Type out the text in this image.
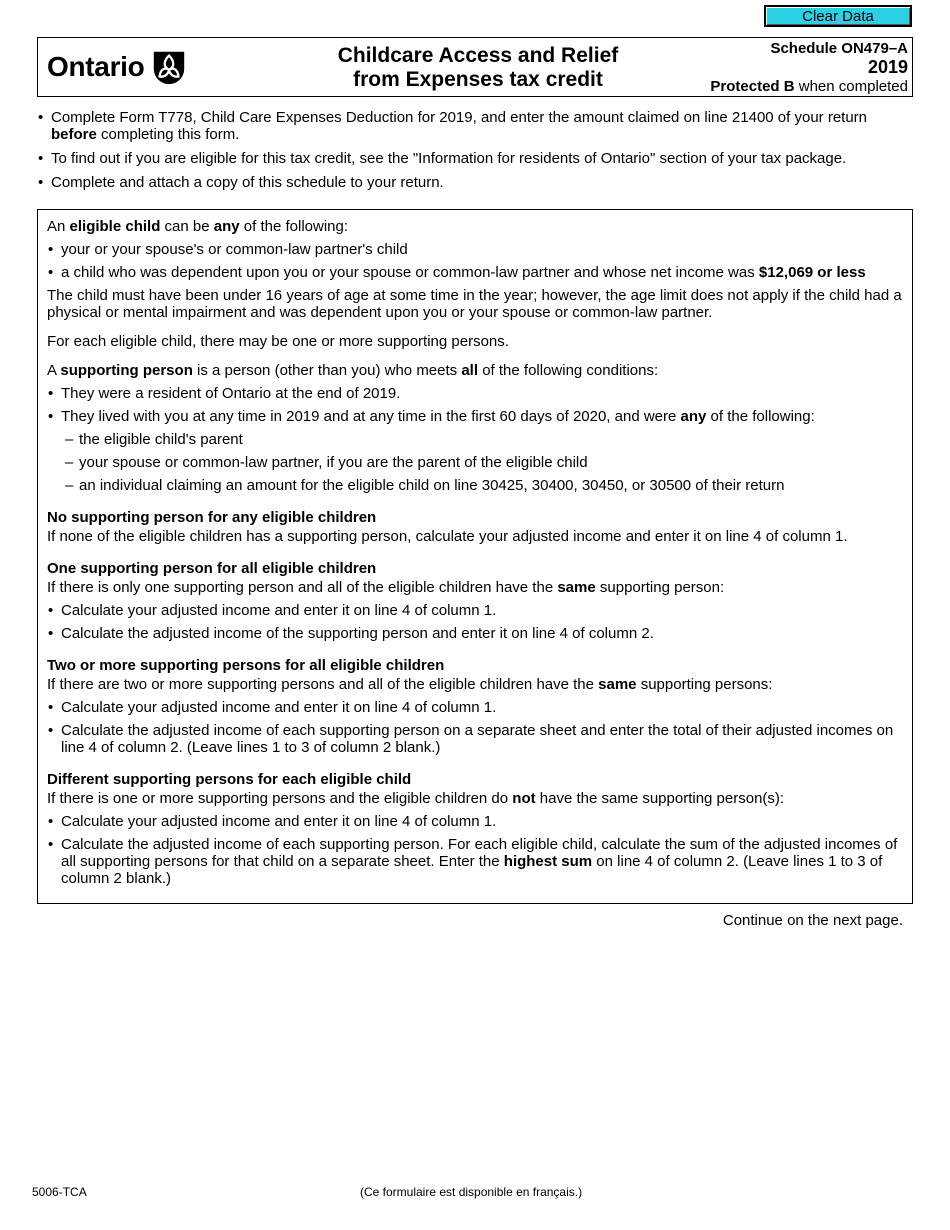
Clear Data
Ontario	Childcare Access and Relief
from Expenses tax credit
Schedule ON479–A
2019
Protected B when completed
• Complete Form T778, Child Care Expenses Deduction for 2019, and enter the amount claimed on line 21400 of your return before completing this form.
• To find out if you are eligible for this tax credit, see the "Information for residents of Ontario" section of your tax package.
• Complete and attach a copy of this schedule to your return.

An eligible child can be any of the following:

• your or your spouse's or common-law partner's child
• a child who was dependent upon you or your spouse or common-law partner and whose net income was $12,069 or less

The child must have been under 16 years of age at some time in the year; however, the age limit does not apply if the child had a physical or mental impairment and was dependent upon you or your spouse or common-law partner.

For each eligible child, there may be one or more supporting persons.

A supporting person is a person (other than you) who meets all of the following conditions:

• They were a resident of Ontario at the end of 2019.
• They lived with you at any time in 2019 and at any time in the first 60 days of 2020, and were any of the following:
– the eligible child's parent
– your spouse or common-law partner, if you are the parent of the eligible child
– an individual claiming an amount for the eligible child on line 30425, 30400, 30450, or 30500 of their return

No supporting person for any eligible children

If none of the eligible children has a supporting person, calculate your adjusted income and enter it on line 4 of column 1.

One supporting person for all eligible children

If there is only one supporting person and all of the eligible children have the same supporting person:

• Calculate your adjusted income and enter it on line 4 of column 1.
• Calculate the adjusted income of the supporting person and enter it on line 4 of column 2.

Two or more supporting persons for all eligible children

If there are two or more supporting persons and all of the eligible children have the same supporting persons:

• Calculate your adjusted income and enter it on line 4 of column 1.
• Calculate the adjusted income of each supporting person on a separate sheet and enter the total of their adjusted incomes on line 4 of column 2. (Leave lines 1 to 3 of column 2 blank.)

Different supporting persons for each eligible child

If there is one or more supporting persons and the eligible children do not have the same supporting person(s):

• Calculate your adjusted income and enter it on line 4 of column 1.
• Calculate the adjusted income of each supporting person. For each eligible child, calculate the sum of the adjusted incomes of all supporting persons for that child on a separate sheet. Enter the highest sum on line 4 of column 2. (Leave lines 1 to 3 of column 2 blank.)
Continue on the next page.
5006-TCA	(Ce formulaire est disponible en français.)
